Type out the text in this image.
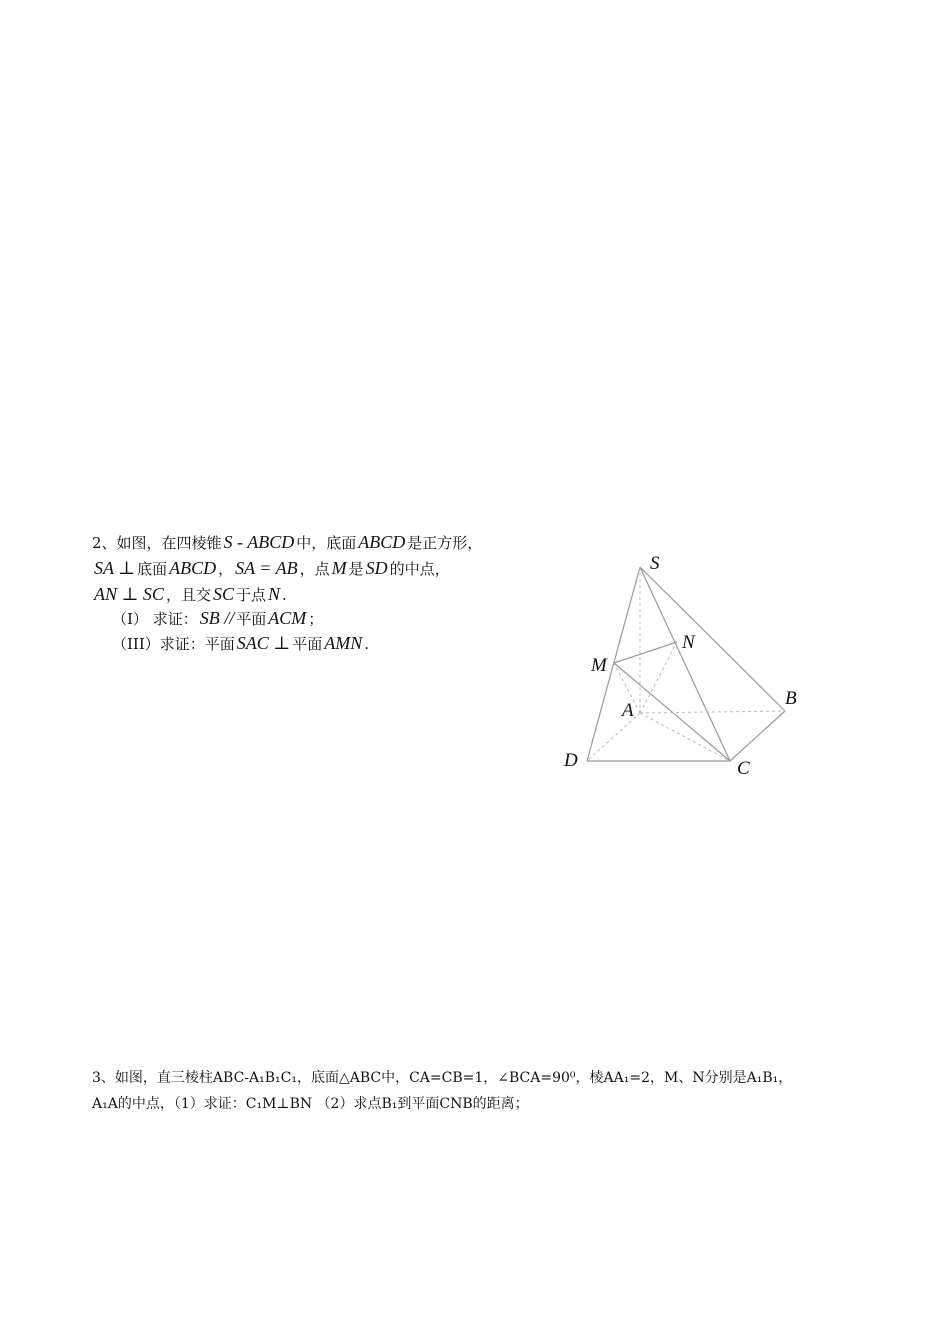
2、如图，在四棱锥 S - ABCD 中，底面 ABCD 是正方形，
SA ⊥ 底面 ABCD ， SA = AB ，点 M 是 SD 的中点，
AN ⊥ SC ，且交 SC 于点 N .
（I） 求证： SB // 平面 ACM ；
（III）求证：平面 SAC ⊥ 平面 AMN .
S
N
M
B
A
D	C
3、如图，直三棱柱ABC-A₁B₁C₁，底面△ABC中，CA=CB=1，∠BCA=90⁰，棱AA₁=2，M、N分别是A₁B₁，
A₁A的中点，（1）求证：C₁M⊥BN （2）求点B₁到平面CNB的距离；
